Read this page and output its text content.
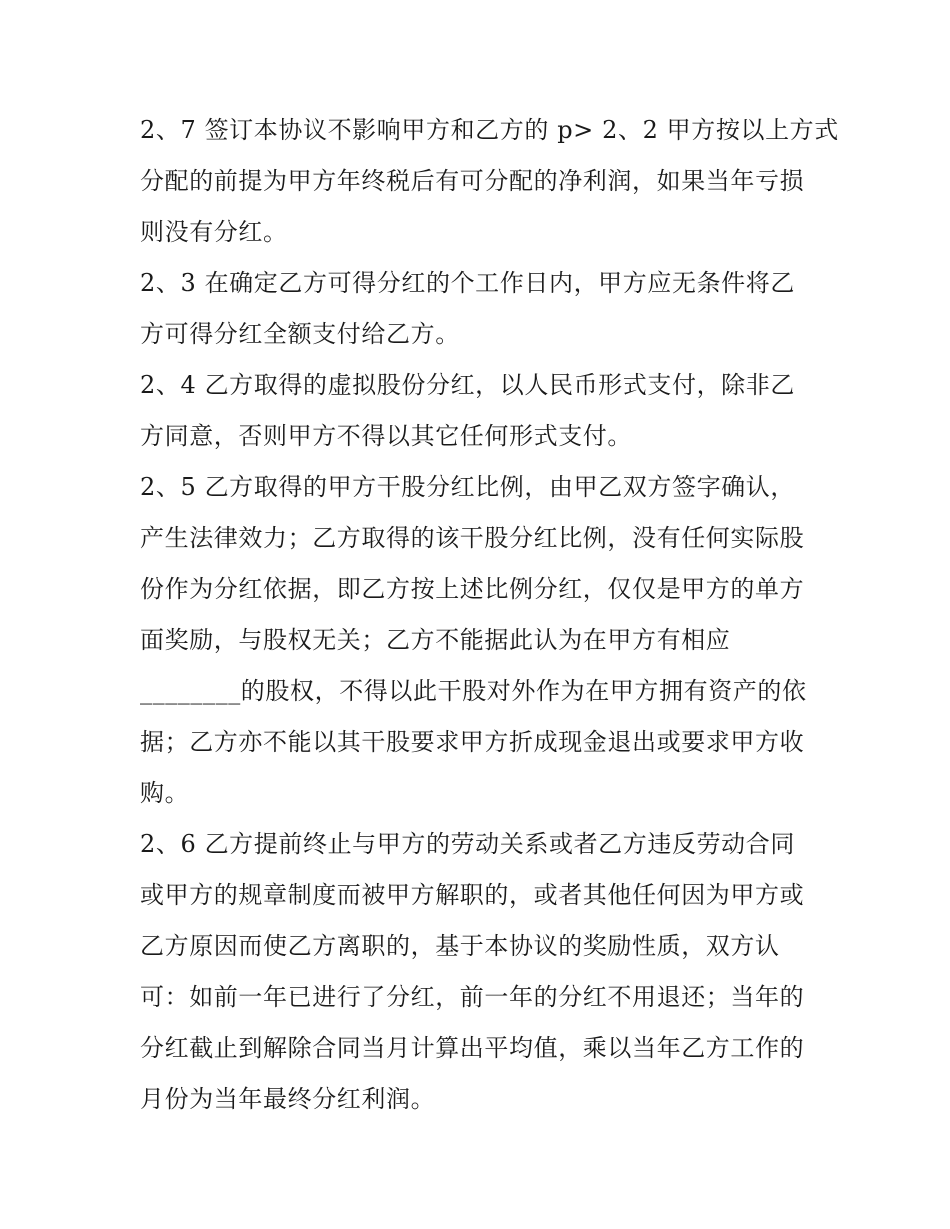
2、7 签订本协议不影响甲方和乙方的 p> 2、2 甲方按以上方式
分配的前提为甲方年终税后有可分配的净利润，如果当年亏损
则没有分红。
2、3 在确定乙方可得分红的个工作日内，甲方应无条件将乙
方可得分红全额支付给乙方。
2、4 乙方取得的虚拟股份分红，以人民币形式支付，除非乙
方同意，否则甲方不得以其它任何形式支付。
2、5 乙方取得的甲方干股分红比例，由甲乙双方签字确认，
产生法律效力；乙方取得的该干股分红比例，没有任何实际股
份作为分红依据，即乙方按上述比例分红，仅仅是甲方的单方
面奖励，与股权无关；乙方不能据此认为在甲方有相应
________的股权，不得以此干股对外作为在甲方拥有资产的依
据；乙方亦不能以其干股要求甲方折成现金退出或要求甲方收
购。
2、6 乙方提前终止与甲方的劳动关系或者乙方违反劳动合同
或甲方的规章制度而被甲方解职的，或者其他任何因为甲方或
乙方原因而使乙方离职的，基于本协议的奖励性质，双方认
可：如前一年已进行了分红，前一年的分红不用退还；当年的
分红截止到解除合同当月计算出平均值，乘以当年乙方工作的
月份为当年最终分红利润。
